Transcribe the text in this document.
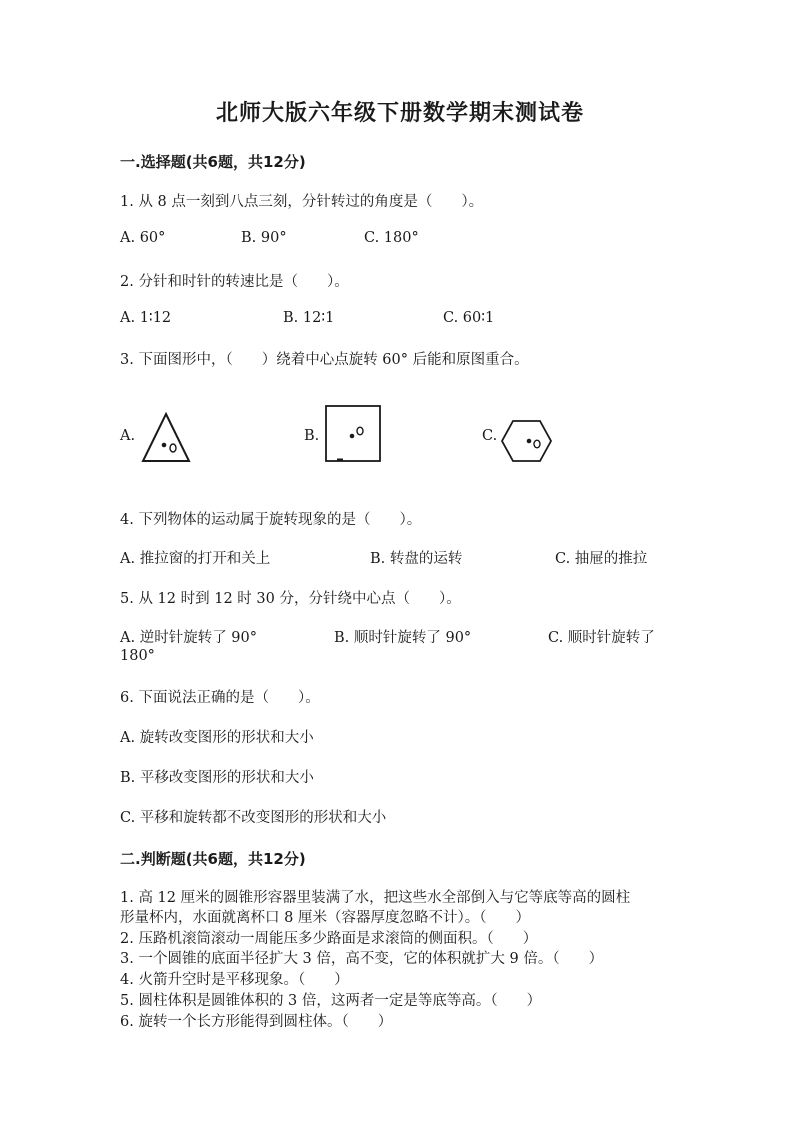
北师大版六年级下册数学期末测试卷
一.选择题(共6题，共12分)
1. 从 8 点一刻到八点三刻，分针转过的角度是（　　）。
A. 60°	B. 90°	C. 180°
2. 分针和时针的转速比是（　　）。
A. 1∶12	B. 12∶1	C. 60∶1
3. 下面图形中，（　　）绕着中心点旋转 60° 后能和原图重合。
A.	B.	C.
4. 下列物体的运动属于旋转现象的是（　　）。
A. 推拉窗的打开和关上	B. 转盘的运转	C. 抽屉的推拉
5. 从 12 时到 12 时 30 分，分针绕中心点（　　）。
A. 逆时针旋转了 90°	B. 顺时针旋转了 90°	C. 顺时针旋转了
180°
6. 下面说法正确的是（　　）。
A. 旋转改变图形的形状和大小
B. 平移改变图形的形状和大小
C. 平移和旋转都不改变图形的形状和大小
二.判断题(共6题，共12分)
1. 高 12 厘米的圆锥形容器里装满了水，把这些水全部倒入与它等底等高的圆柱
形量杯内，水面就离杯口 8 厘米（容器厚度忽略不计）。（　　）
2. 压路机滚筒滚动一周能压多少路面是求滚筒的侧面积。（　　）
3. 一个圆锥的底面半径扩大 3 倍，高不变，它的体积就扩大 9 倍。（　　）
4. 火箭升空时是平移现象。（　　）
5. 圆柱体积是圆锥体积的 3 倍，这两者一定是等底等高。（　　）
6. 旋转一个长方形能得到圆柱体。（　　）
